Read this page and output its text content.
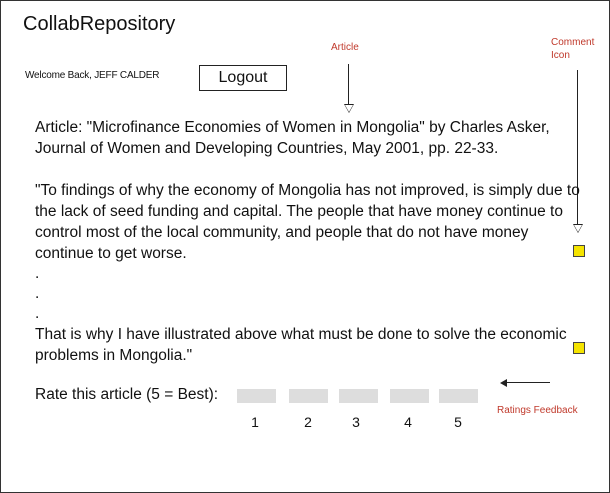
CollabRepository
Welcome Back, JEFF CALDER	Logout
Article	Comment Icon

Article: "Microfinance Economies of Women in Mongolia" by Charles Asker, Journal of Women and Developing Countries, May 2001, pp. 22-33.

"To findings of why the economy of Mongolia has not improved, is simply due to the lack of seed funding and capital. The people that have money continue to control most of the local community, and people that do not have money continue to get worse.

.
.
.

That is why I have illustrated above what must be done to solve the economic problems in Mongolia."

Rate this article (5 = Best):
1	2	3	4	5
Ratings Feedback
